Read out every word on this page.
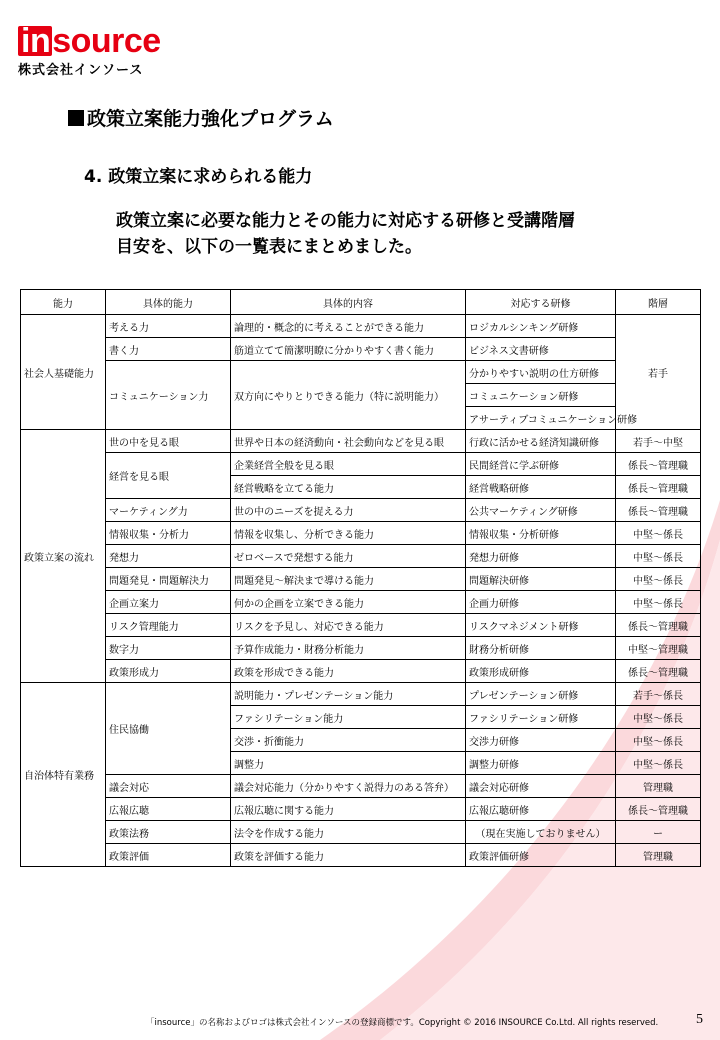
insource
株式会社インソース
政策立案能力強化プログラム
4. 政策立案に求められる能力
政策立案に必要な能力とその能力に対応する研修と受講階層
目安を、以下の一覧表にまとめました。
能力	具体的能力	具体的内容	対応する研修	階層
社会人基礎能力	考える力	論理的・概念的に考えることができる能力	ロジカルシンキング研修	若手
	書く力	筋道立てて簡潔明瞭に分かりやすく書く能力	ビジネス文書研修	
	コミュニケーション力	双方向にやりとりできる能力（特に説明能力）	分かりやすい説明の仕方研修	
			コミュニケーション研修	
			アサーティブコミュニケーション研修	
政策立案の流れ	世の中を見る眼	世界や日本の経済動向・社会動向などを見る眼	行政に活かせる経済知識研修	若手～中堅
	経営を見る眼	企業経営全般を見る眼	民間経営に学ぶ研修	係長～管理職
		経営戦略を立てる能力	経営戦略研修	係長～管理職
	マーケティング力	世の中のニーズを捉える力	公共マーケティング研修	係長～管理職
	情報収集・分析力	情報を収集し、分析できる能力	情報収集・分析研修	中堅～係長
	発想力	ゼロベースで発想する能力	発想力研修	中堅～係長
	問題発見・問題解決力	問題発見～解決まで導ける能力	問題解決研修	中堅～係長
	企画立案力	何かの企画を立案できる能力	企画力研修	中堅～係長
	リスク管理能力	リスクを予見し、対応できる能力	リスクマネジメント研修	係長～管理職
	数字力	予算作成能力・財務分析能力	財務分析研修	中堅～管理職
	政策形成力	政策を形成できる能力	政策形成研修	係長～管理職
自治体特有業務	住民協働	説明能力・プレゼンテーション能力	プレゼンテーション研修	若手～係長
		ファシリテーション能力	ファシリテーション研修	中堅～係長
		交渉・折衝能力	交渉力研修	中堅～係長
		調整力	調整力研修	中堅～係長
	議会対応	議会対応能力（分かりやすく説得力のある答弁）	議会対応研修	管理職
	広報広聴	広報広聴に関する能力	広報広聴研修	係長～管理職
	政策法務	法令を作成する能力	（現在実施しておりません）	ー
	政策評価	政策を評価する能力	政策評価研修	管理職
「insource」の名称およびロゴは株式会社インソースの登録商標です。Copyright © 2016 INSOURCE Co.Ltd. All rights reserved.	5
